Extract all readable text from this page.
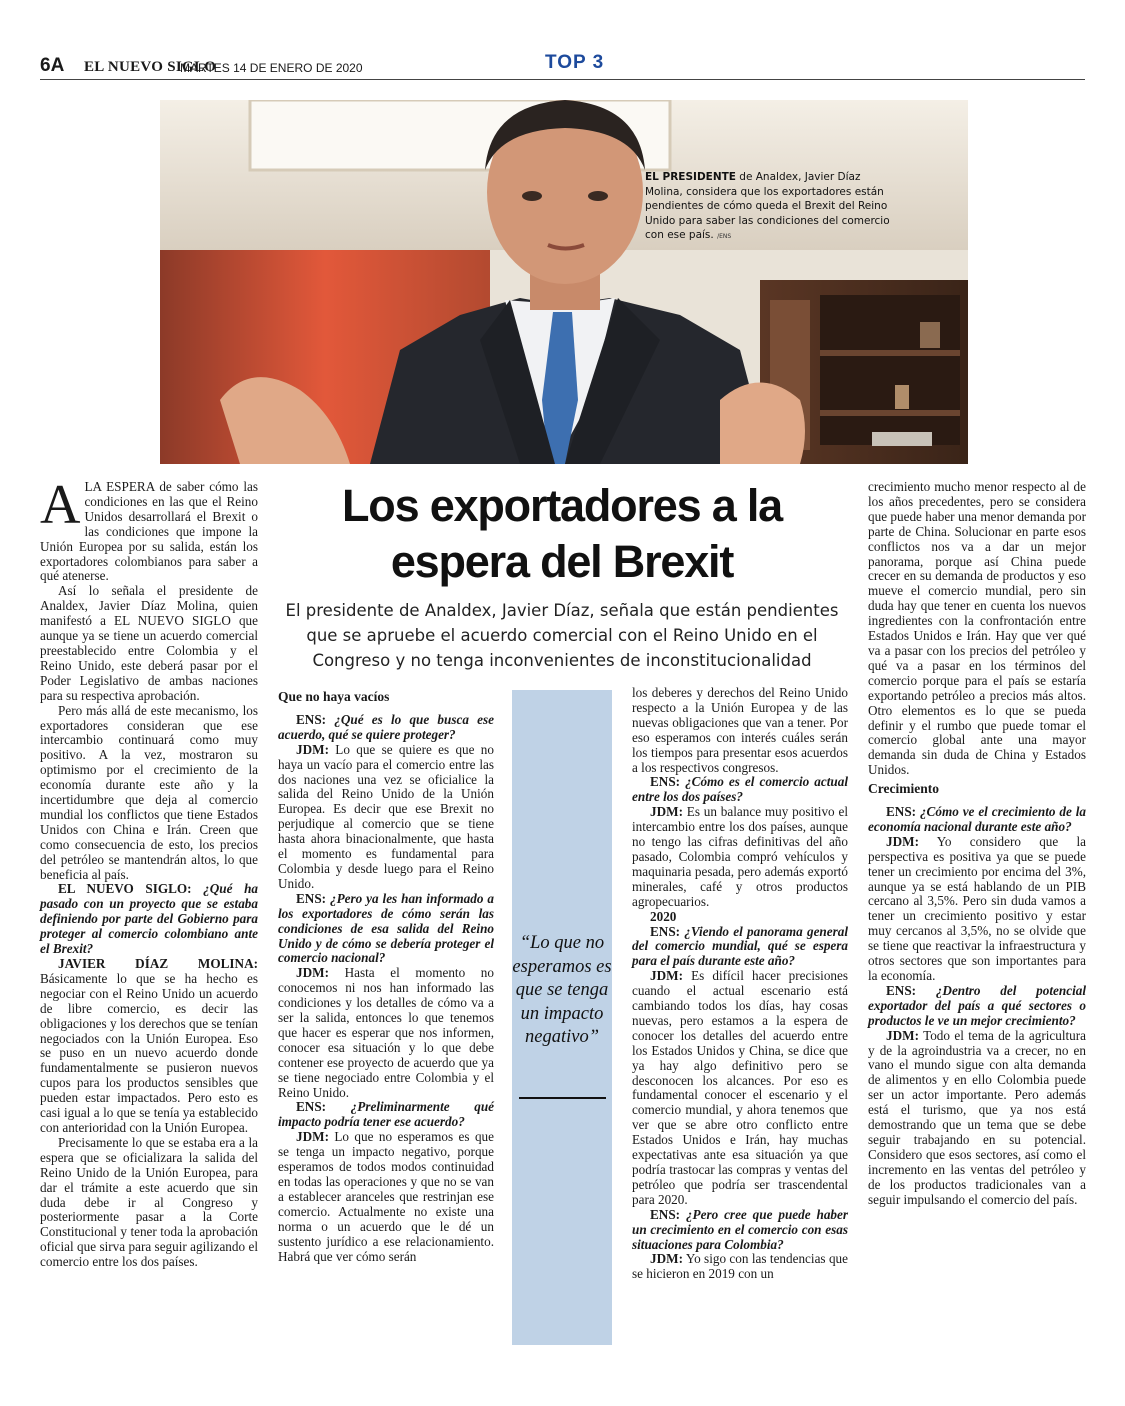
6A EL NUEVO SIGLO
MARTES 14 DE ENERO DE 2020	TOP 3
EL PRESIDENTE de Analdex, Javier Díaz Molina, considera que los exportadores están pendientes de cómo queda el Brexit del Reino Unido para saber las condiciones del comercio con ese país. /ENS
Los exportadores a la espera del Brexit
El presidente de Analdex, Javier Díaz, señala que están pendientes que se apruebe el acuerdo comercial con el Reino Unido en el Congreso y no tenga inconvenientes de inconstitucionalidad
“Lo que no esperamos es que se tenga un impacto negativo”

ALA ESPERA de saber cómo las condiciones en las que el Reino Unidos desarrollará el Brexit o las condiciones que impone la Unión Europea por su salida, están los exportadores colombianos para saber a qué atenerse.

Así lo señala el presidente de Analdex, Javier Díaz Molina, quien manifestó a EL NUEVO SIGLO que aunque ya se tiene un acuerdo comercial preestablecido entre Colombia y el Reino Unido, este deberá pasar por el Poder Legislativo de ambas naciones para su respectiva aprobación.

Pero más allá de este mecanismo, los exportadores consideran que ese intercambio continuará como muy positivo. A la vez, mostraron su optimismo por el crecimiento de la economía durante este año y la incertidumbre que deja al comercio mundial los conflictos que tiene Estados Unidos con China e Irán. Creen que como consecuencia de esto, los precios del petróleo se mantendrán altos, lo que beneficia al país.

EL NUEVO SIGLO: ¿Qué ha pasado con un proyecto que se estaba definiendo por parte del Gobierno para proteger al comercio colombiano ante el Brexit?

JAVIER DÍAZ MOLINA: Básicamente lo que se ha hecho es negociar con el Reino Unido un acuerdo de libre comercio, es decir las obligaciones y los derechos que se tenían negociados con la Unión Europea. Eso se puso en un nuevo acuerdo donde fundamentalmente se pusieron nuevos cupos para los productos sensibles que pueden estar impactados. Pero esto es casi igual a lo que se tenía ya establecido con anterioridad con la Unión Europea.

Precisamente lo que se estaba era a la espera que se oficializara la salida del Reino Unido de la Unión Europea, para dar el trámite a este acuerdo que sin duda debe ir al Congreso y posteriormente pasar a la Corte Constitucional y tener toda la aprobación oficial que sirva para seguir agilizando el comercio entre los dos países.

Que no haya vacíos

ENS: ¿Qué es lo que busca ese acuerdo, qué se quiere proteger?

JDM: Lo que se quiere es que no haya un vacío para el comercio entre las dos naciones una vez se oficialice la salida del Reino Unido de la Unión Europea. Es decir que ese Brexit no perjudique al comercio que se tiene hasta ahora binacionalmente, que hasta el momento es fundamental para Colombia y desde luego para el Reino Unido.

ENS: ¿Pero ya les han informado a los exportadores de cómo serán las condiciones de esa salida del Reino Unido y de cómo se debería proteger el comercio nacional?

JDM: Hasta el momento no conocemos ni nos han informado las condiciones y los detalles de cómo va a ser la salida, entonces lo que tenemos que hacer es esperar que nos informen, conocer esa situación y lo que debe contener ese proyecto de acuerdo que ya se tiene negociado entre Colombia y el Reino Unido.

ENS: ¿Preliminarmente qué impacto podría tener ese acuerdo?

JDM: Lo que no esperamos es que se tenga un impacto negativo, porque esperamos de todos modos continuidad en todas las operaciones y que no se van a establecer aranceles que restrinjan ese comercio. Actualmente no existe una norma o un acuerdo que le dé un sustento jurídico a ese relacionamiento. Habrá que ver cómo serán

los deberes y derechos del Reino Unido respecto a la Unión Europea y de las nuevas obligaciones que van a tener. Por eso esperamos con interés cuáles serán los tiempos para presentar esos acuerdos a los respectivos congresos.

ENS: ¿Cómo es el comercio actual entre los dos países?

JDM: Es un balance muy positivo el intercambio entre los dos países, aunque no tengo las cifras definitivas del año pasado, Colombia compró vehículos y maquinaria pesada, pero además exportó minerales, café y otros productos agropecuarios.

2020

ENS: ¿Viendo el panorama general del comercio mundial, qué se espera para el país durante este año?

JDM: Es difícil hacer precisiones cuando el actual escenario está cambiando todos los días, hay cosas nuevas, pero estamos a la espera de conocer los detalles del acuerdo entre los Estados Unidos y China, se dice que ya hay algo definitivo pero se desconocen los alcances. Por eso es fundamental conocer el escenario y el comercio mundial, y ahora tenemos que ver que se abre otro conflicto entre Estados Unidos e Irán, hay muchas expectativas ante esa situación ya que podría trastocar las compras y ventas del petróleo que podría ser trascendental para 2020.

ENS: ¿Pero cree que puede haber un crecimiento en el comercio con esas situaciones para Colombia?

JDM: Yo sigo con las tendencias que se hicieron en 2019 con un

crecimiento mucho menor respecto al de los años precedentes, pero se considera que puede haber una menor demanda por parte de China. Solucionar en parte esos conflictos nos va a dar un mejor panorama, porque así China puede crecer en su demanda de productos y eso mueve el comercio mundial, pero sin duda hay que tener en cuenta los nuevos ingredientes con la confrontación entre Estados Unidos e Irán. Hay que ver qué va a pasar con los precios del petróleo y qué va a pasar en los términos del comercio porque para el país se estaría exportando petróleo a precios más altos. Otro elementos es lo que se pueda definir y el rumbo que puede tomar el comercio global ante una mayor demanda sin duda de China y Estados Unidos.

Crecimiento

ENS: ¿Cómo ve el crecimiento de la economía nacional durante este año?

JDM: Yo considero que la perspectiva es positiva ya que se puede tener un crecimiento por encima del 3%, aunque ya se está hablando de un PIB cercano al 3,5%. Pero sin duda vamos a tener un crecimiento positivo y estar muy cercanos al 3,5%, no se olvide que se tiene que reactivar la infraestructura y otros sectores que son importantes para la economía.

ENS: ¿Dentro del potencial exportador del país a qué sectores o productos le ve un mejor crecimiento?

JDM: Todo el tema de la agricultura y de la agroindustria va a crecer, no en vano el mundo sigue con alta demanda de alimentos y en ello Colombia puede ser un actor importante. Pero además está el turismo, que ya nos está demostrando que un tema que se debe seguir trabajando en su potencial. Considero que esos sectores, así como el incremento en las ventas del petróleo y de los productos tradicionales van a seguir impulsando el comercio del país.
